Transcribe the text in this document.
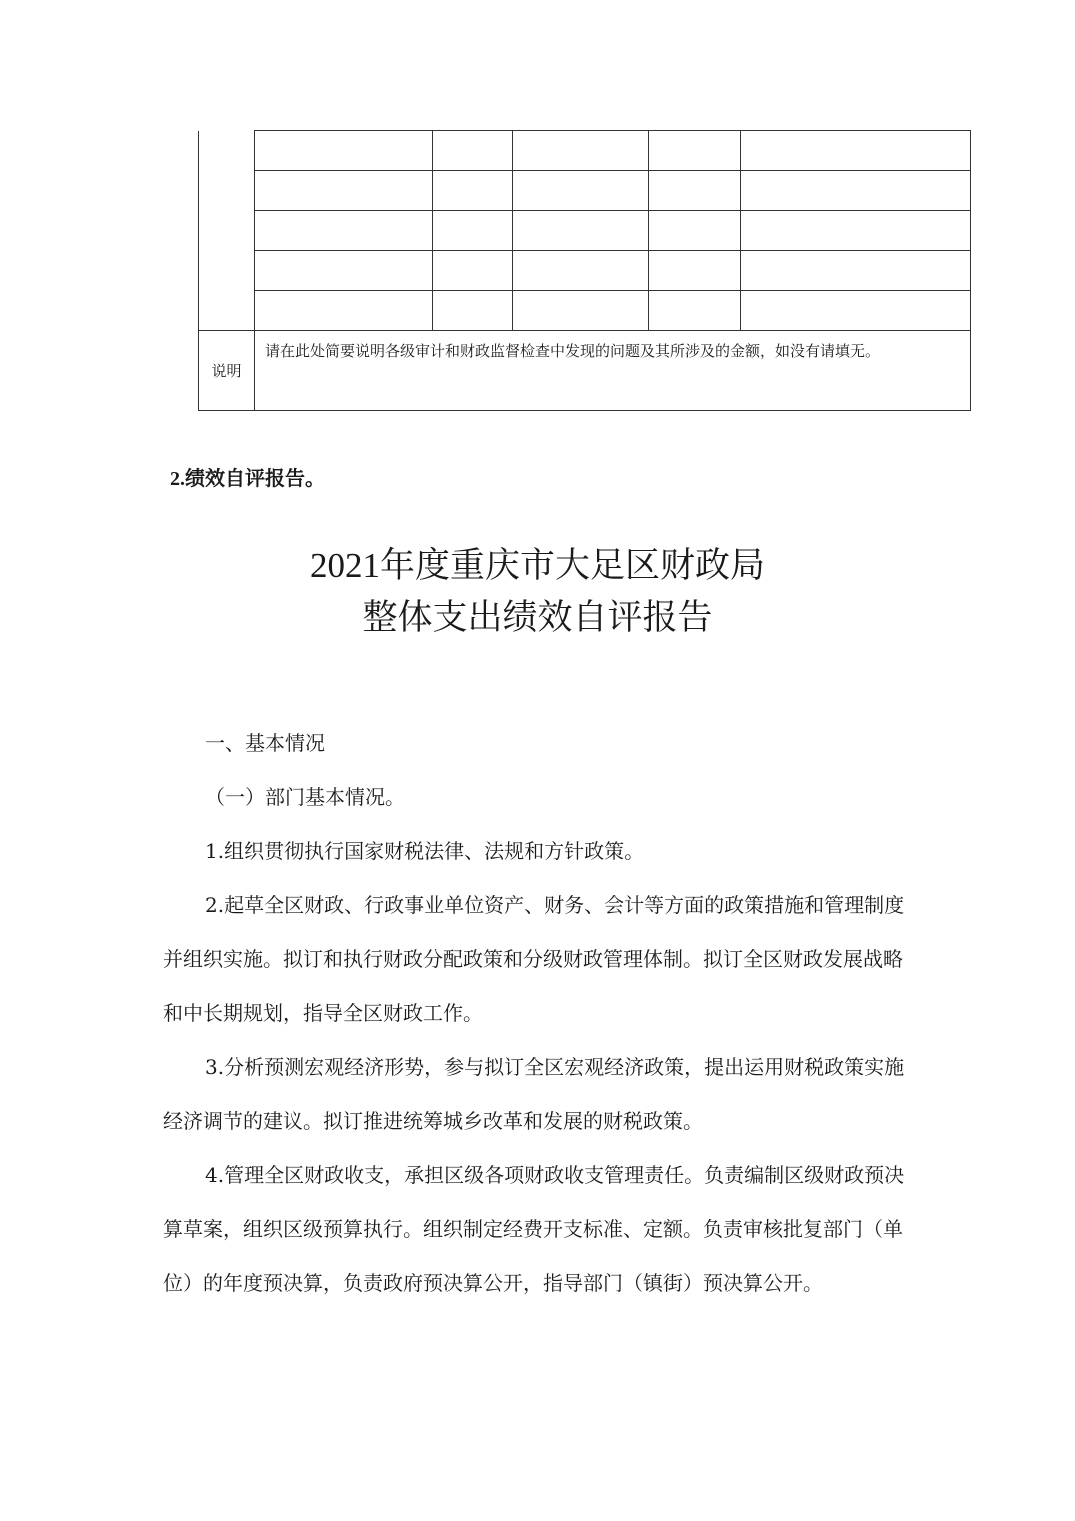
说明	请在此处简要说明各级审计和财政监督检查中发现的问题及其所涉及的金额，如没有请填无。				
2.绩效自评报告。
2021年度重庆市大足区财政局
整体支出绩效自评报告

一、基本情况

（一）部门基本情况。

1.组织贯彻执行国家财税法律、法规和方针政策。

2.起草全区财政、行政事业单位资产、财务、会计等方面的政策措施和管理制度并组织实施。拟订和执行财政分配政策和分级财政管理体制。拟订全区财政发展战略和中长期规划，指导全区财政工作。

3.分析预测宏观经济形势，参与拟订全区宏观经济政策，提出运用财税政策实施经济调节的建议。拟订推进统筹城乡改革和发展的财税政策。

4.管理全区财政收支，承担区级各项财政收支管理责任。负责编制区级财政预决算草案，组织区级预算执行。组织制定经费开支标准、定额。负责审核批复部门（单位）的年度预决算，负责政府预决算公开，指导部门（镇街）预决算公开。
